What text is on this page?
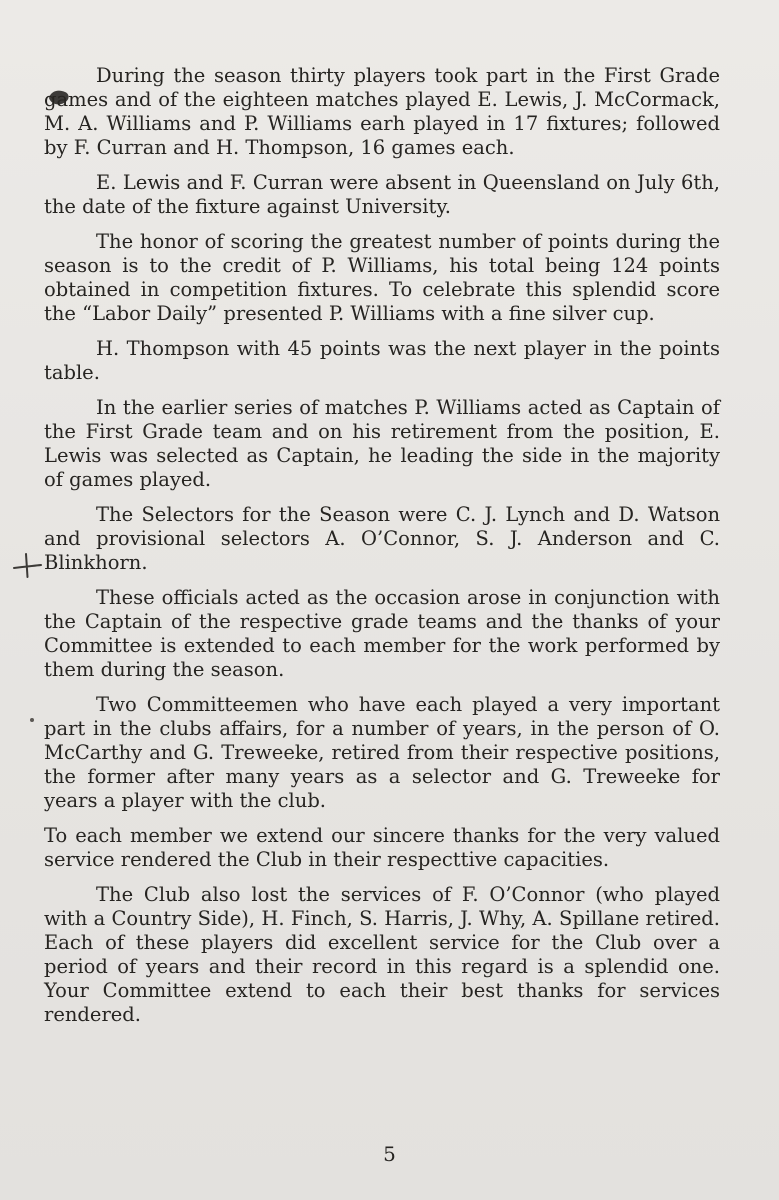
During the season thirty players took part in the First Grade games and of the eighteen matches played E. Lewis, J. McCormack, M. A. Williams and P. Williams earh played in 17 fixtures; followed by F. Curran and H. Thompson, 16 games each.

E. Lewis and F. Curran were absent in Queensland on July 6th, the date of the fixture against University.

The honor of scoring the greatest number of points during the season is to the credit of P. Williams, his total being 124 points obtained in competition fixtures. To celebrate this splendid score the “Labor Daily” presented P. Williams with a fine silver cup.

H. Thompson with 45 points was the next player in the points table.

In the earlier series of matches P. Williams acted as Captain of the First Grade team and on his retirement from the position, E. Lewis was selected as Captain, he leading the side in the majority of games played.

The Selectors for the Season were C. J. Lynch and D. Watson and provisional selectors A. O’Connor, S. J. Anderson and C. Blinkhorn.

These officials acted as the occasion arose in conjunction with the Captain of the respective grade teams and the thanks of your Committee is extended to each member for the work performed by them during the season.

Two Committeemen who have each played a very important part in the clubs affairs, for a number of years, in the person of O. McCarthy and G. Treweeke, retired from their respective positions, the former after many years as a selector and G. Treweeke for years a player with the club.

To each member we extend our sincere thanks for the very valued service rendered the Club in their respecttive capacities.

The Club also lost the services of F. O’Connor (who played with a Country Side), H. Finch, S. Harris, J. Why, A. Spillane retired. Each of these players did excellent service for the Club over a period of years and their record in this regard is a splendid one. Your Committee extend to each their best thanks for services rendered.

5
